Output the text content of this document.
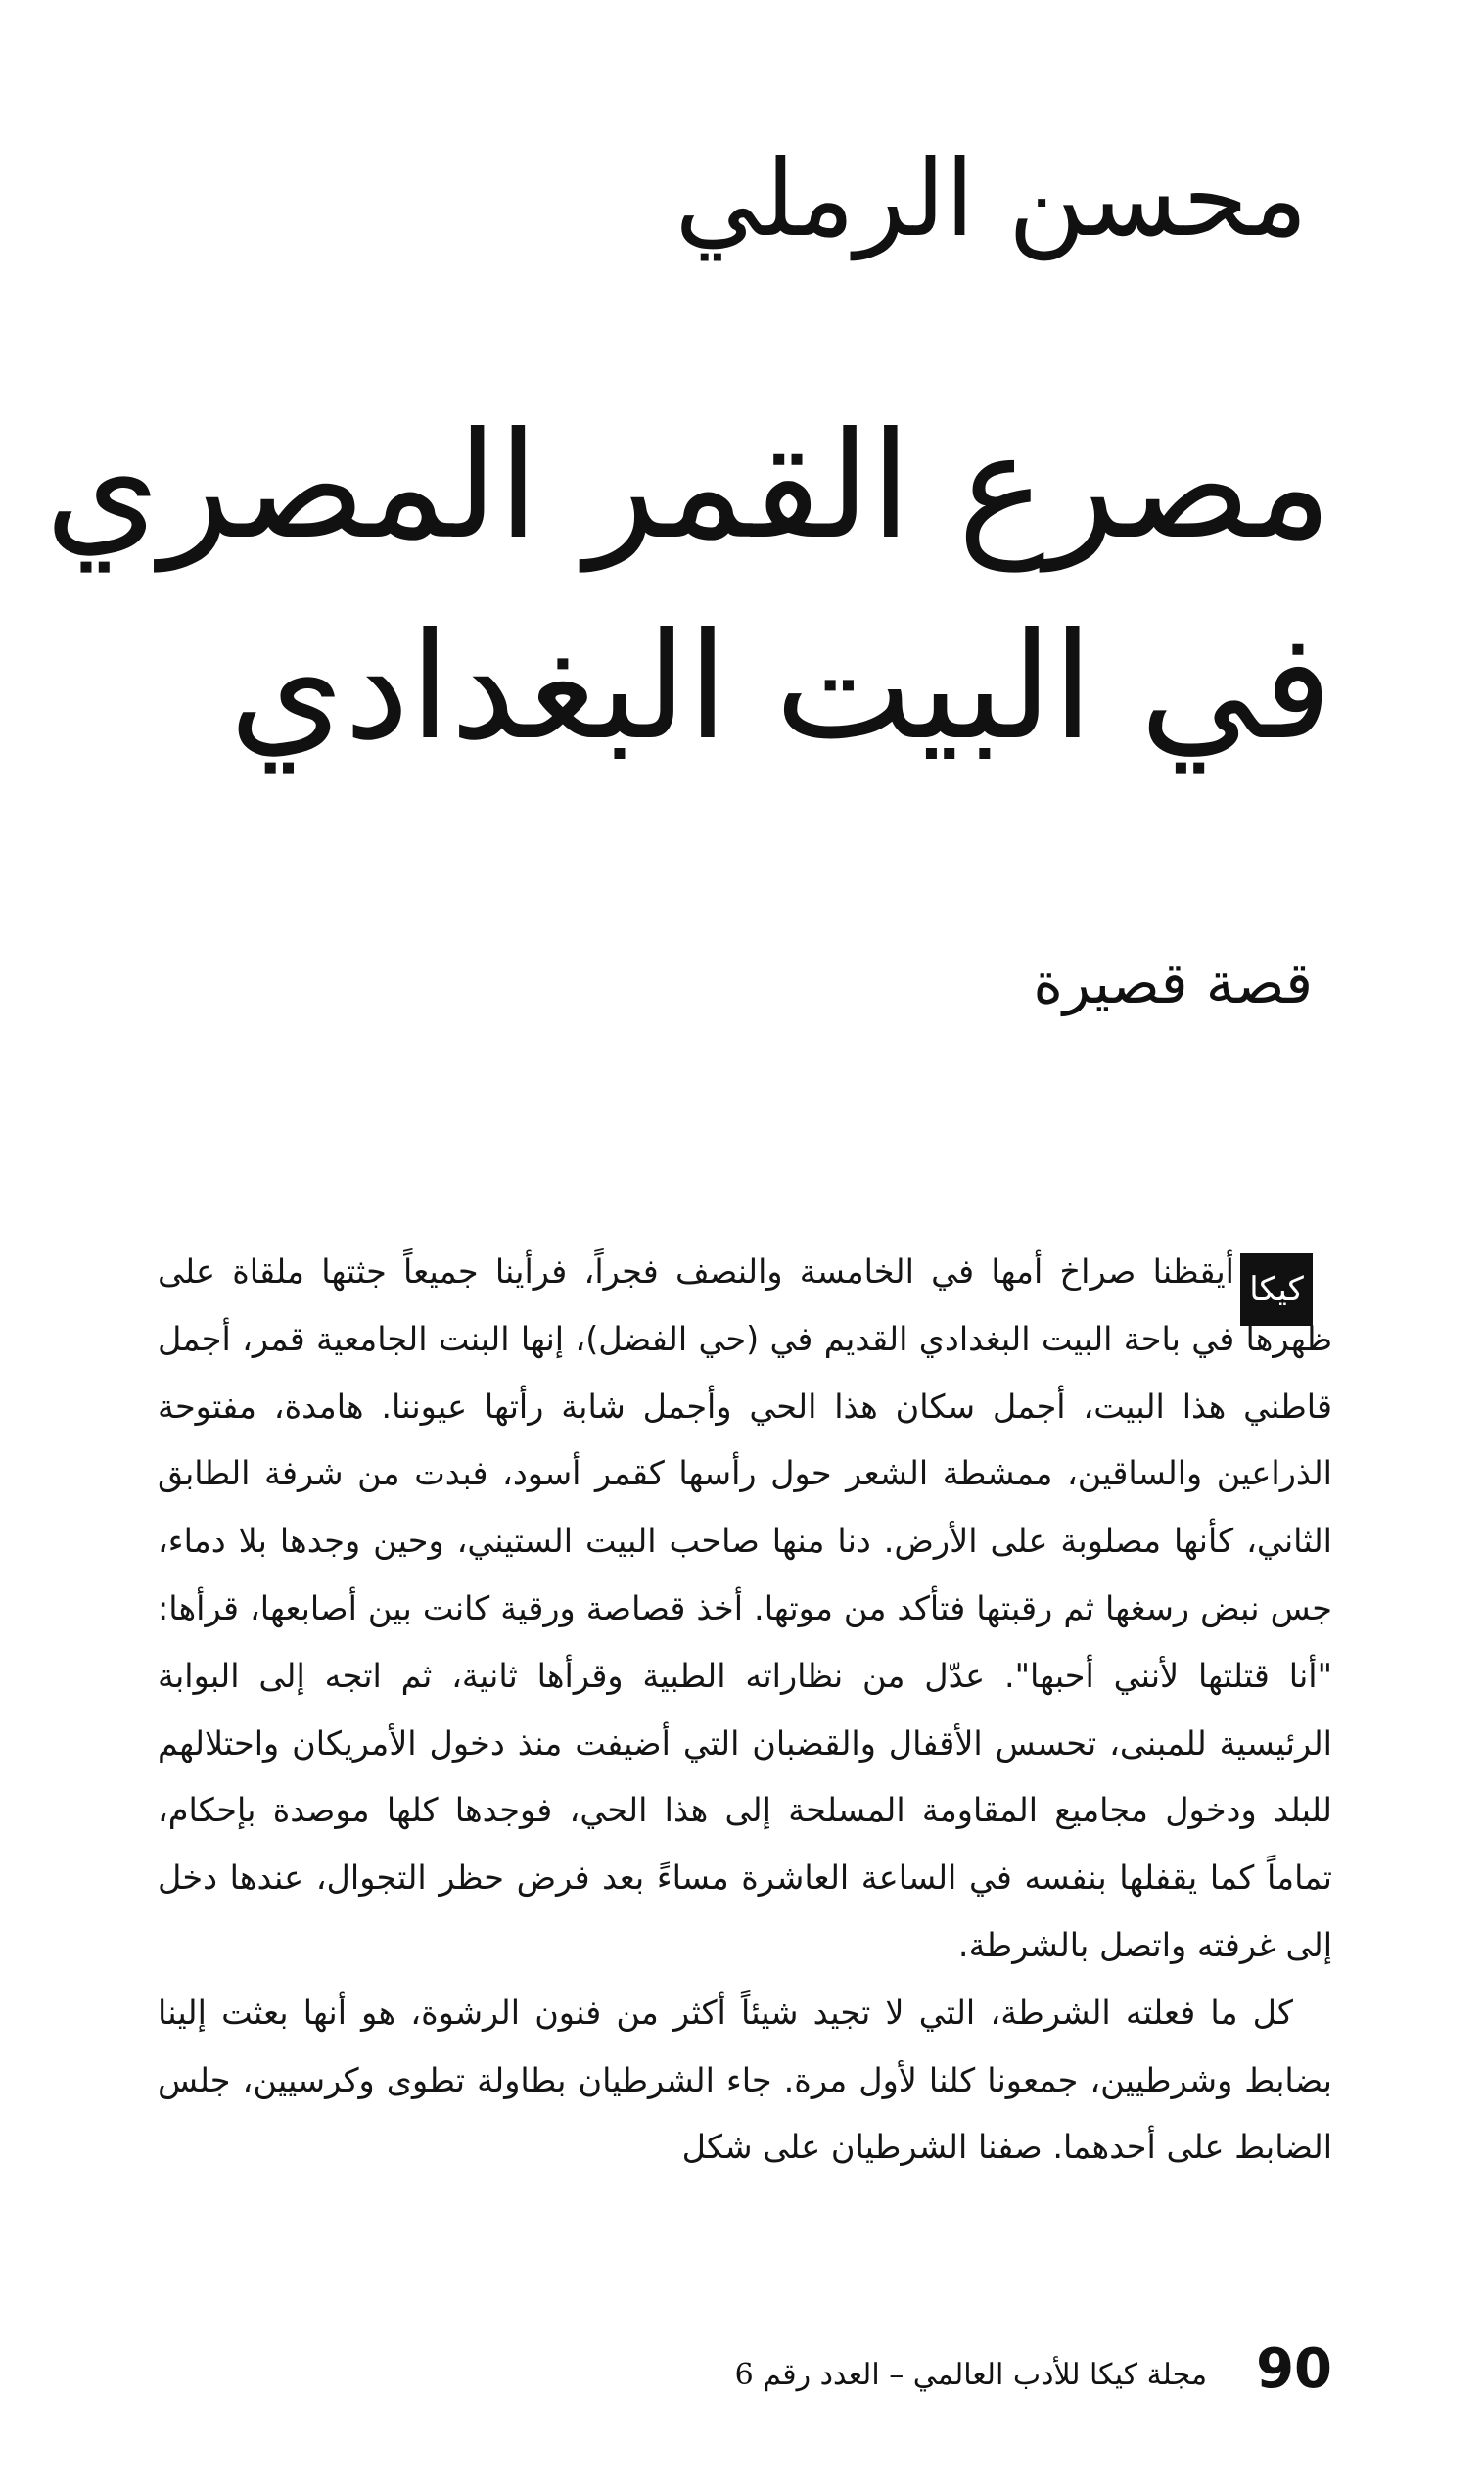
محسن الرملي
مصرع القمر المصري
في البيت البغدادي
قصة قصيرة
كيكا
أيقظنا صراخ أمها في الخامسة والنصف فجراً، فرأينا جميعاً جثتها ملقاة على ظهرها في باحة البيت البغدادي القديم في (حي الفضل)، إنها البنت الجامعية قمر، أجمل قاطني هذا البيت، أجمل سكان هذا الحي وأجمل شابة رأتها عيوننا. هامدة، مفتوحة الذراعين والساقين، ممشطة الشعر حول رأسها كقمر أسود، فبدت من شرفة الطابق الثاني، كأنها مصلوبة على الأرض. دنا منها صاحب البيت الستيني، وحين وجدها بلا دماء، جس نبض رسغها ثم رقبتها فتأكد من موتها. أخذ قصاصة ورقية كانت بين أصابعها، قرأها: "أنا قتلتها لأنني أحبها". عدّل من نظاراته الطبية وقرأها ثانية، ثم اتجه إلى البوابة الرئيسية للمبنى، تحسس الأقفال والقضبان التي أضيفت منذ دخول الأمريكان واحتلالهم للبلد ودخول مجاميع المقاومة المسلحة إلى هذا الحي، فوجدها كلها موصدة بإحكام، تماماً كما يقفلها بنفسه في الساعة العاشرة مساءً بعد فرض حظر التجوال، عندها دخل إلى غرفته واتصل بالشرطة.
كل ما فعلته الشرطة، التي لا تجيد شيئاً أكثر من فنون الرشوة، هو أنها بعثت إلينا بضابط وشرطيين، جمعونا كلنا لأول مرة. جاء الشرطيان بطاولة تطوى وكرسيين، جلس الضابط على أحدهما. صفنا الشرطيان على شكل
90
مجلة كيكا للأدب العالمي – العدد رقم 6
